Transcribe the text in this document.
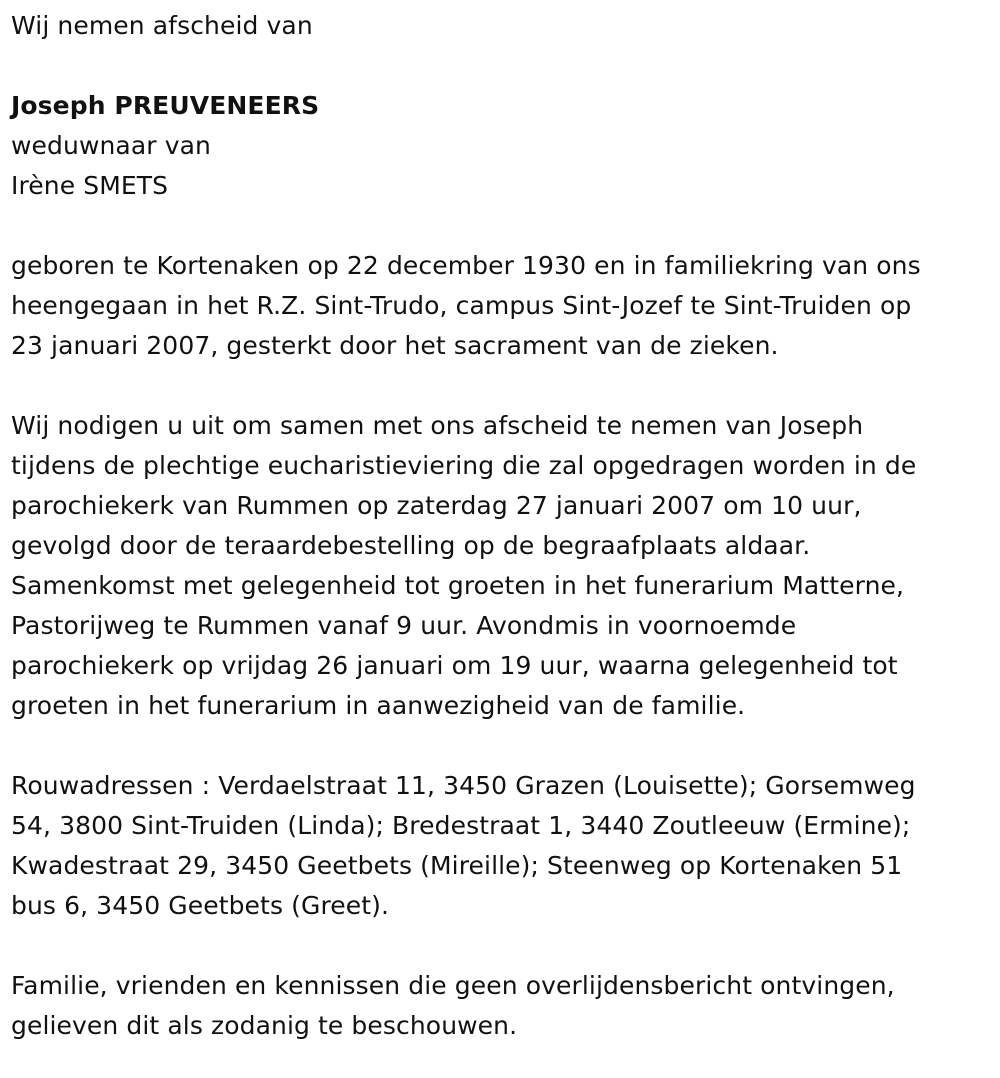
Wij nemen afscheid van
Joseph PREUVENEERS
weduwnaar van
Irène SMETS
geboren te Kortenaken op 22 december 1930 en in familiekring van ons
heengegaan in het R.Z. Sint-Trudo, campus Sint-Jozef te Sint-Truiden op
23 januari 2007, gesterkt door het sacrament van de zieken.
Wij nodigen u uit om samen met ons afscheid te nemen van Joseph
tijdens de plechtige eucharistieviering die zal opgedragen worden in de
parochiekerk van Rummen op zaterdag 27 januari 2007 om 10 uur,
gevolgd door de teraardebestelling op de begraafplaats aldaar.
Samenkomst met gelegenheid tot groeten in het funerarium Matterne,
Pastorijweg te Rummen vanaf 9 uur. Avondmis in voornoemde
parochiekerk op vrijdag 26 januari om 19 uur, waarna gelegenheid tot
groeten in het funerarium in aanwezigheid van de familie.
Rouwadressen : Verdaelstraat 11, 3450 Grazen (Louisette); Gorsemweg
54, 3800 Sint-Truiden (Linda); Bredestraat 1, 3440 Zoutleeuw (Ermine);
Kwadestraat 29, 3450 Geetbets (Mireille); Steenweg op Kortenaken 51
bus 6, 3450 Geetbets (Greet).
Familie, vrienden en kennissen die geen overlijdensbericht ontvingen,
gelieven dit als zodanig te beschouwen.
